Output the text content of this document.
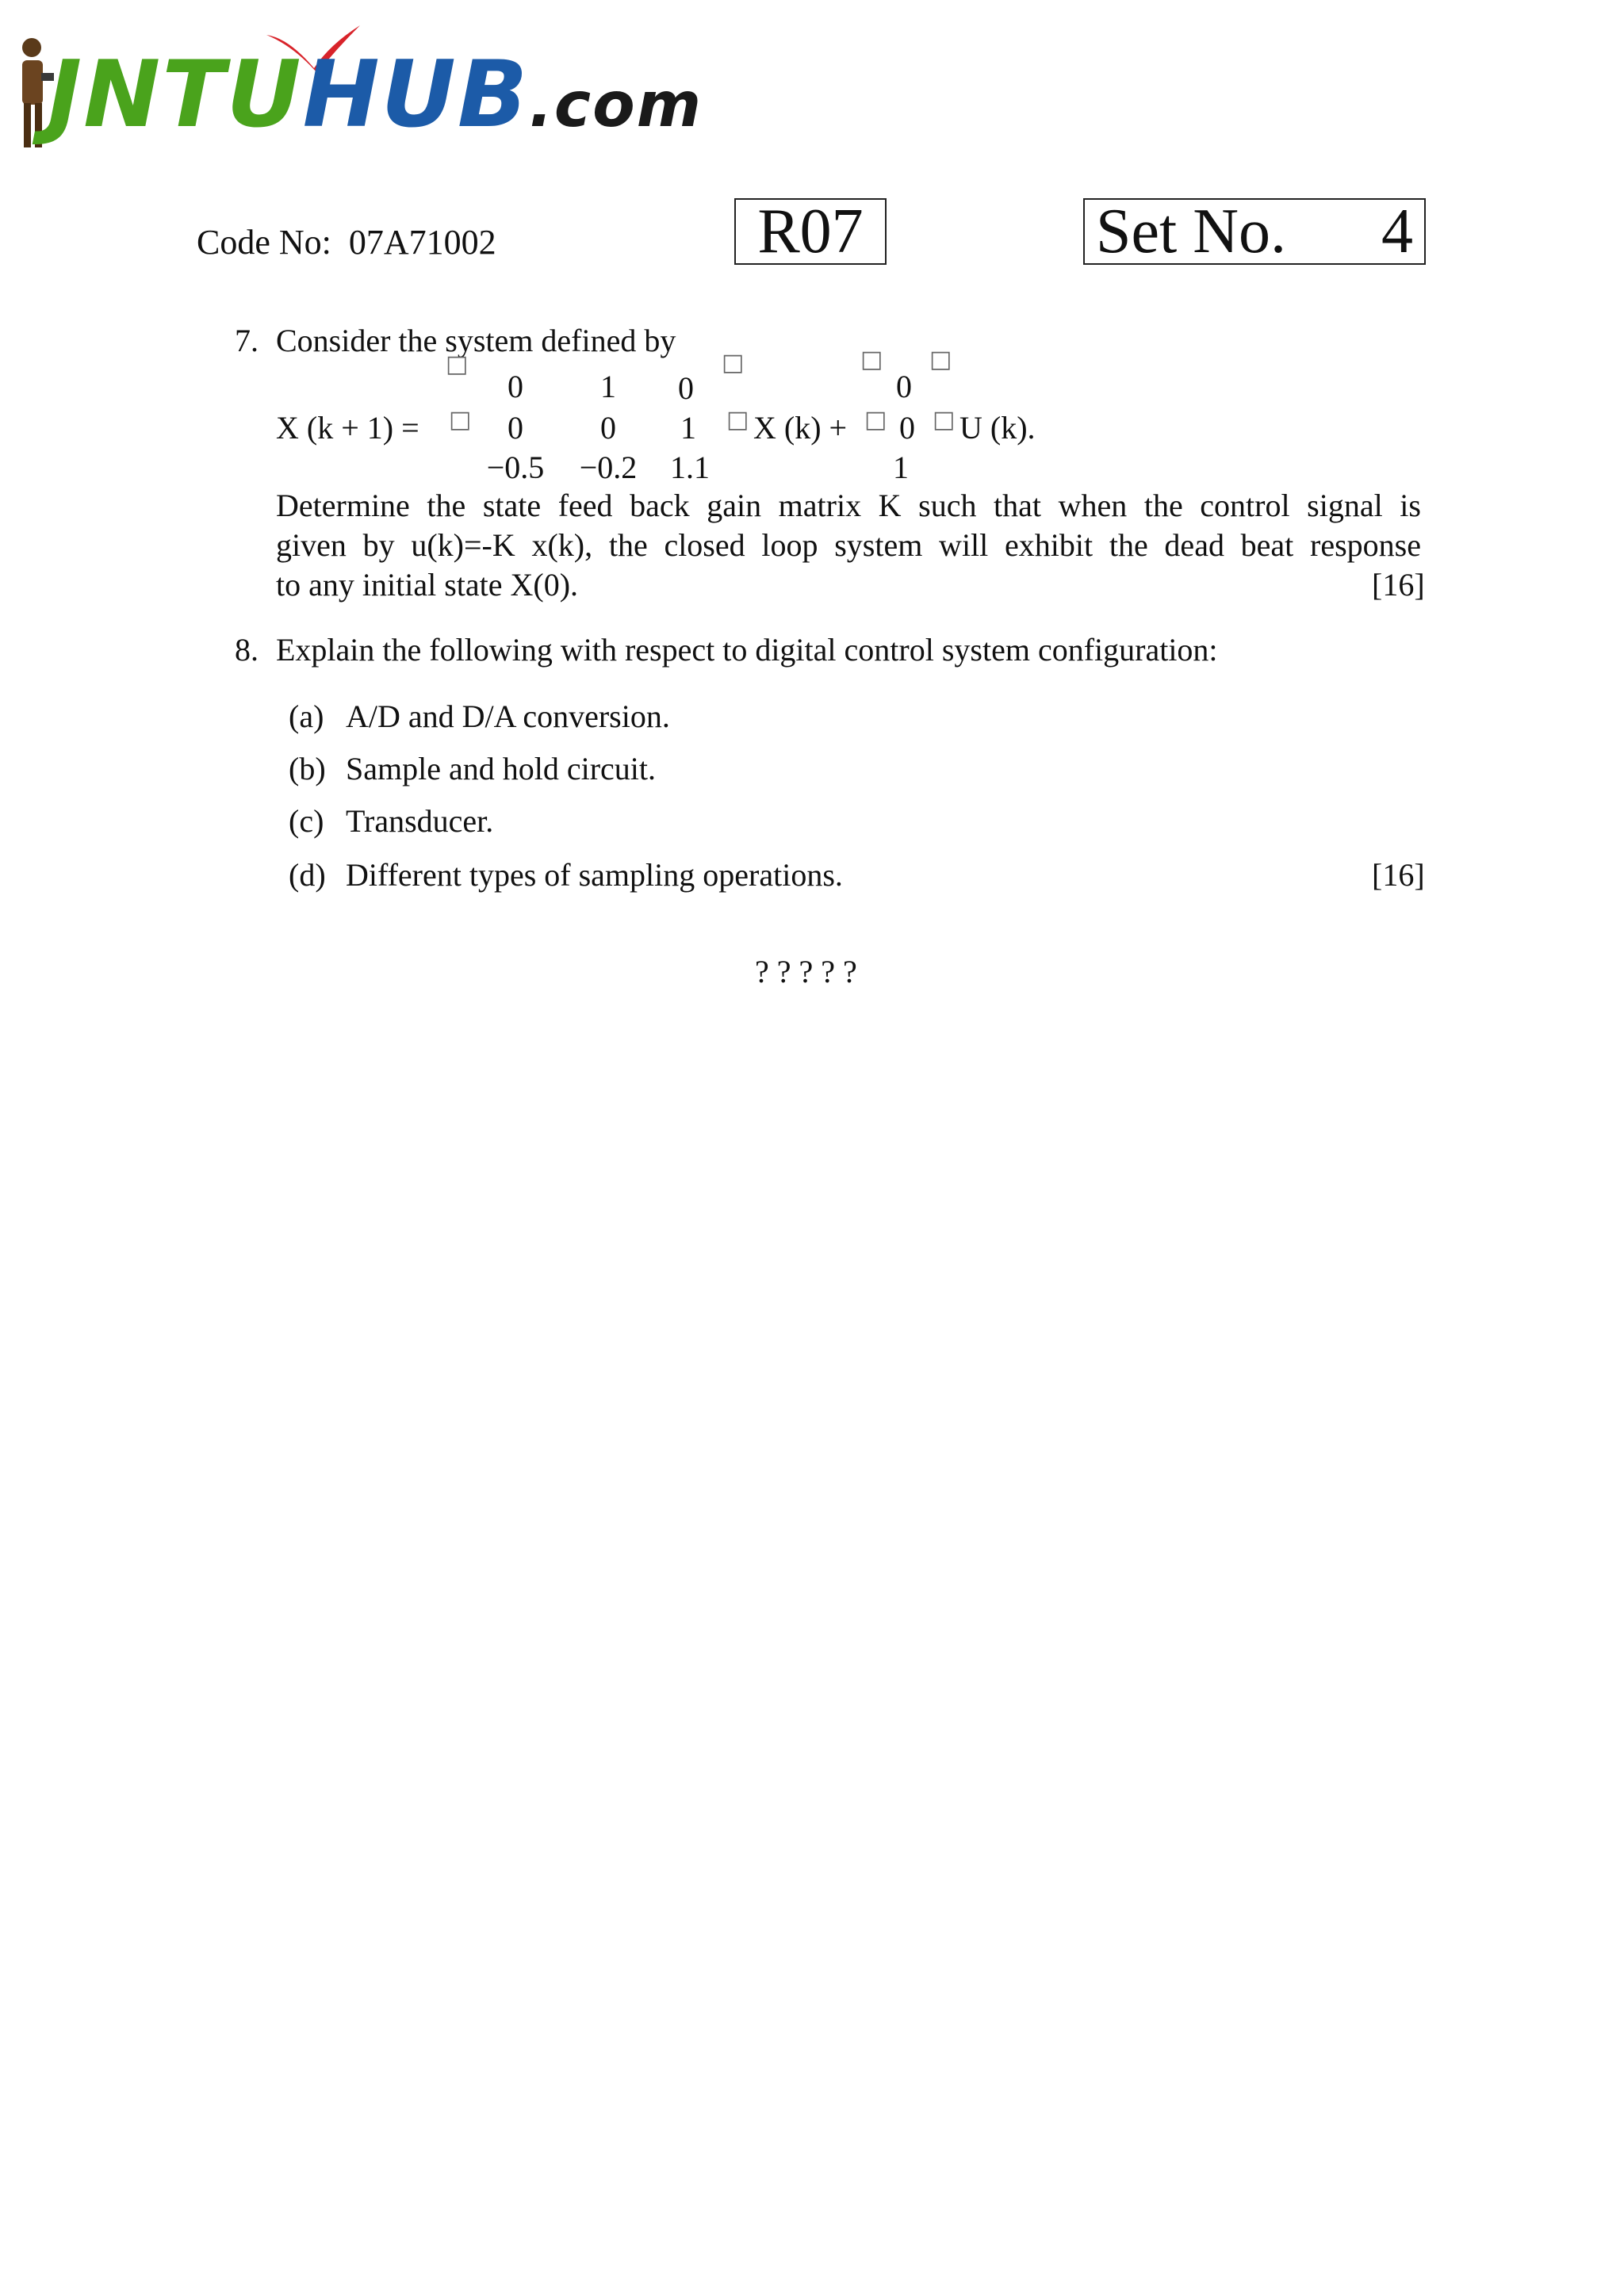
JNTUHUB.com
Code No: 07A71002	R07	Set No. 4
7. Consider the system defined by
□	□	□ □
□	□	□ □
0	1	0
0	0	1
−0.5	−0.2	1.1
X (k + 1) =	X (k) +	U (k).
0
0
1
Determine the state feed back gain matrix K such that when the control signal is
given by u(k)=-K x(k), the closed loop system will exhibit the dead beat response
to any initial state X(0).	[16]
8. Explain the following with respect to digital control system configuration:
(a) A/D and D/A conversion.
(b) Sample and hold circuit.
(c) Transducer.
(d) Different types of sampling operations.	[16]
? ? ? ? ?
